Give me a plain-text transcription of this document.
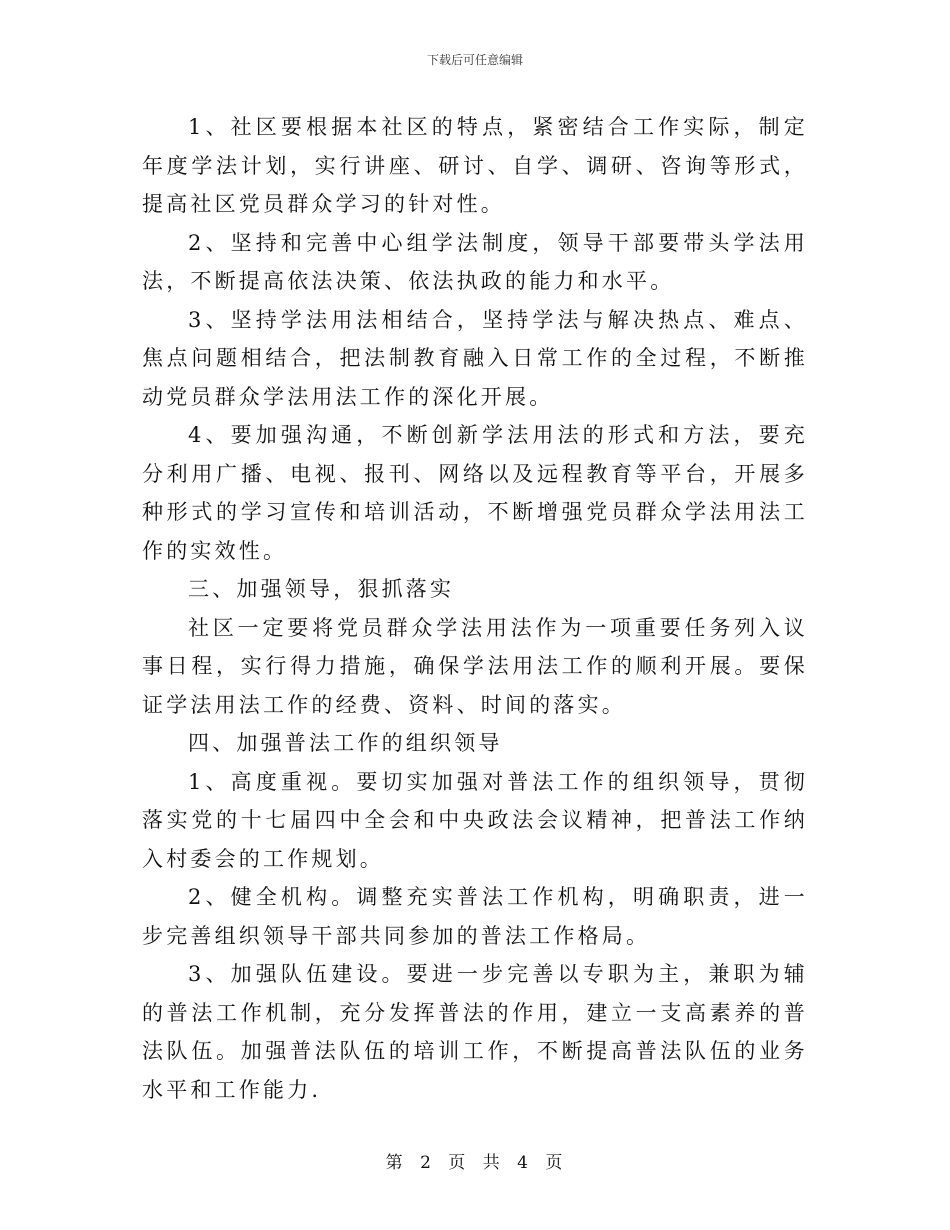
下载后可任意编辑

1、社区要根据本社区的特点，紧密结合工作实际，制定年度学法计划，实行讲座、研讨、自学、调研、咨询等形式，提高社区党员群众学习的针对性。

2、坚持和完善中心组学法制度，领导干部要带头学法用法，不断提高依法决策、依法执政的能力和水平。

3、坚持学法用法相结合，坚持学法与解决热点、难点、焦点问题相结合，把法制教育融入日常工作的全过程，不断推动党员群众学法用法工作的深化开展。

4、要加强沟通，不断创新学法用法的形式和方法，要充分利用广播、电视、报刊、网络以及远程教育等平台，开展多种形式的学习宣传和培训活动，不断增强党员群众学法用法工作的实效性。

三、加强领导，狠抓落实

社区一定要将党员群众学法用法作为一项重要任务列入议事日程，实行得力措施，确保学法用法工作的顺利开展。要保证学法用法工作的经费、资料、时间的落实。

四、加强普法工作的组织领导

1、高度重视。要切实加强对普法工作的组织领导，贯彻落实党的十七届四中全会和中央政法会议精神，把普法工作纳入村委会的工作规划。

2、健全机构。调整充实普法工作机构，明确职责，进一步完善组织领导干部共同参加的普法工作格局。

3、加强队伍建设。要进一步完善以专职为主，兼职为辅的普法工作机制，充分发挥普法的作用，建立一支高素养的普法队伍。加强普法队伍的培训工作，不断提高普法队伍的业务水平和工作能力.

第 2 页 共 4 页
